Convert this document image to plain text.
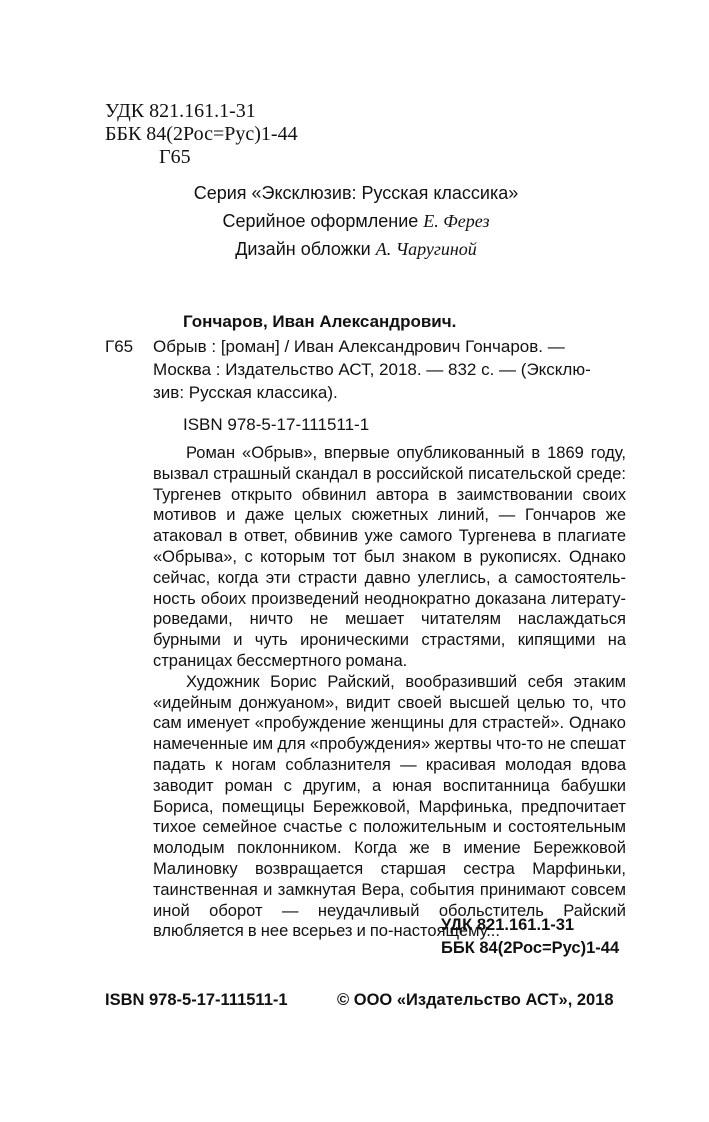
УДК 821.161.1-31
ББК 84(2Рос=Рус)1-44
Г65
Серия «Эксклюзив: Русская классика»
Серийное оформление Е. Ферез
Дизайн обложки А. Чаругиной
Гончаров, Иван Александрович.
Г65 Обрыв : [роман] / Иван Александрович Гончаров. —
Москва : Издательство АСТ, 2018. — 832 с. — (Эксклю-
зив: Русская классика).
ISBN 978-5-17-111511-1

Роман «Обрыв», впервые опубликованный в 1869 году, вызвал страшный скандал в российской писательской среде: Тургенев открыто обвинил автора в заимствовании своих мотивов и даже целых сюжетных линий, — Гончаров же атаковал в ответ, обвинив уже самого Тургенева в плагиате «Обрыва», с которым тот был знаком в рукописях. Однако сейчас, когда эти страсти давно улеглись, а самостоятельность обоих произведений неоднократно доказана литературоведами, ничто не мешает читателям наслаждаться бурными и чуть ироническими страстями, кипящими на страницах бессмертного романа.

Художник Борис Райский, вообразивший себя этаким «идейным донжуаном», видит своей высшей целью то, что сам именует «пробуждение женщины для страстей». Однако намеченные им для «пробуждения» жертвы что-то не спешат падать к ногам соблазнителя — красивая молодая вдова заводит роман с другим, а юная воспитанница бабушки Бориса, помещицы Бережковой, Марфинька, предпочитает тихое семейное счастье с положительным и состоятельным молодым поклонником. Когда же в имение Бережковой Малиновку возвращается старшая сестра Марфиньки, таинственная и замкнутая Вера, события принимают совсем иной оборот — неудачливый обольститель Райский влюбляется в нее всерьез и по-настоящему...

УДК 821.161.1-31
ББК 84(2Рос=Рус)1-44
ISBN 978-5-17-111511-1	© ООО «Издательство АСТ», 2018
